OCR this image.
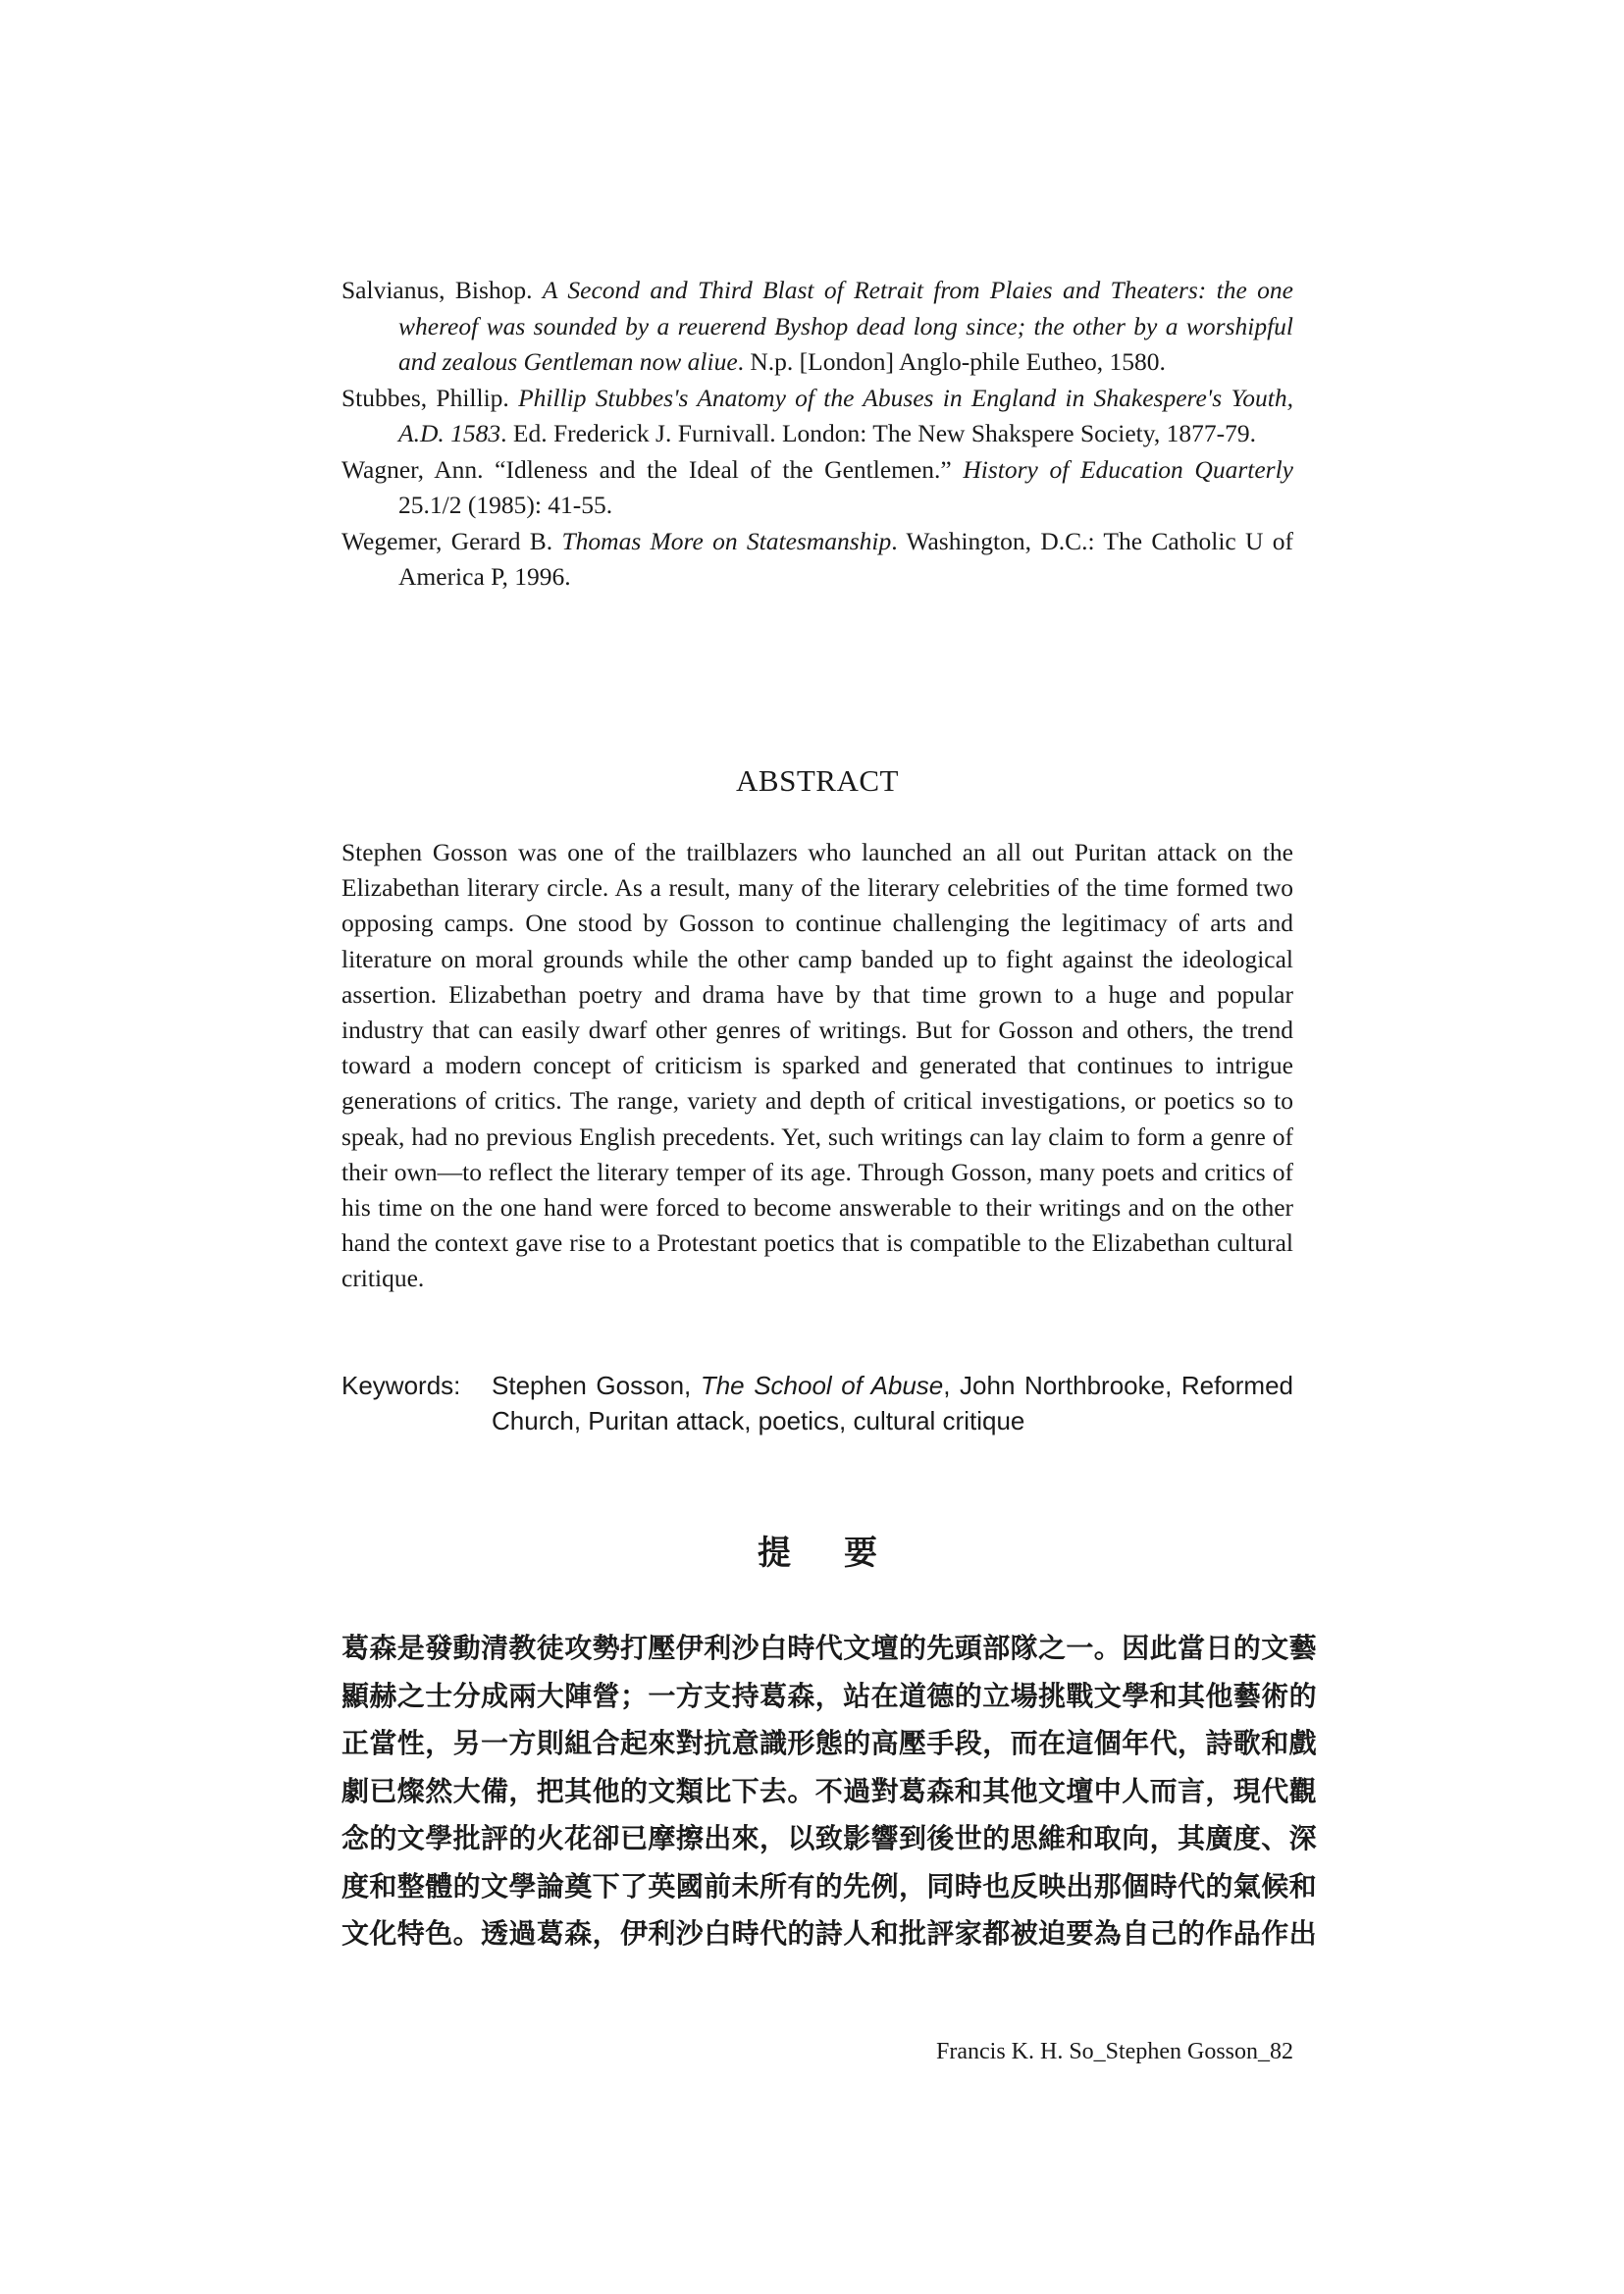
Salvianus, Bishop. A Second and Third Blast of Retrait from Plaies and Theaters: the one whereof was sounded by a reuerend Byshop dead long since; the other by a worshipful and zealous Gentleman now aliue. N.p. [London] Anglo-phile Eutheo, 1580.

Stubbes, Phillip. Phillip Stubbes's Anatomy of the Abuses in England in Shakespere's Youth, A.D. 1583. Ed. Frederick J. Furnivall. London: The New Shakspere Society, 1877-79.

Wagner, Ann. “Idleness and the Ideal of the Gentlemen.” History of Education Quarterly 25.1/2 (1985): 41-55.

Wegemer, Gerard B. Thomas More on Statesmanship. Washington, D.C.: The Catholic U of America P, 1996.

ABSTRACT

Stephen Gosson was one of the trailblazers who launched an all out Puritan attack on the Elizabethan literary circle. As a result, many of the literary celebrities of the time formed two opposing camps. One stood by Gosson to continue challenging the legitimacy of arts and literature on moral grounds while the other camp banded up to fight against the ideological assertion. Elizabethan poetry and drama have by that time grown to a huge and popular industry that can easily dwarf other genres of writings. But for Gosson and others, the trend toward a modern concept of criticism is sparked and generated that continues to intrigue generations of critics. The range, variety and depth of critical investigations, or poetics so to speak, had no previous English precedents. Yet, such writings can lay claim to form a genre of their own—to reflect the literary temper of its age. Through Gosson, many poets and critics of his time on the one hand were forced to become answerable to their writings and on the other hand the context gave rise to a Protestant poetics that is compatible to the Elizabethan cultural critique.

Keywords:	Stephen Gosson, The School of Abuse, John Northbrooke, Reformed Church, Puritan attack, poetics, cultural critique
提要
葛森是發動清教徒攻勢打壓伊利沙白時代文壇的先頭部隊之一。因此當日的文藝
顯赫之士分成兩大陣營；一方支持葛森，站在道德的立場挑戰文學和其他藝術的
正當性，另一方則組合起來對抗意識形態的高壓手段，而在這個年代，詩歌和戲
劇已燦然大備，把其他的文類比下去。不過對葛森和其他文壇中人而言，現代觀
念的文學批評的火花卻已摩擦出來，以致影響到後世的思維和取向，其廣度、深
度和整體的文學論奠下了英國前未所有的先例，同時也反映出那個時代的氣候和
文化特色。透過葛森，伊利沙白時代的詩人和批評家都被迫要為自己的作品作出
Francis K. H. So_Stephen Gosson_82
